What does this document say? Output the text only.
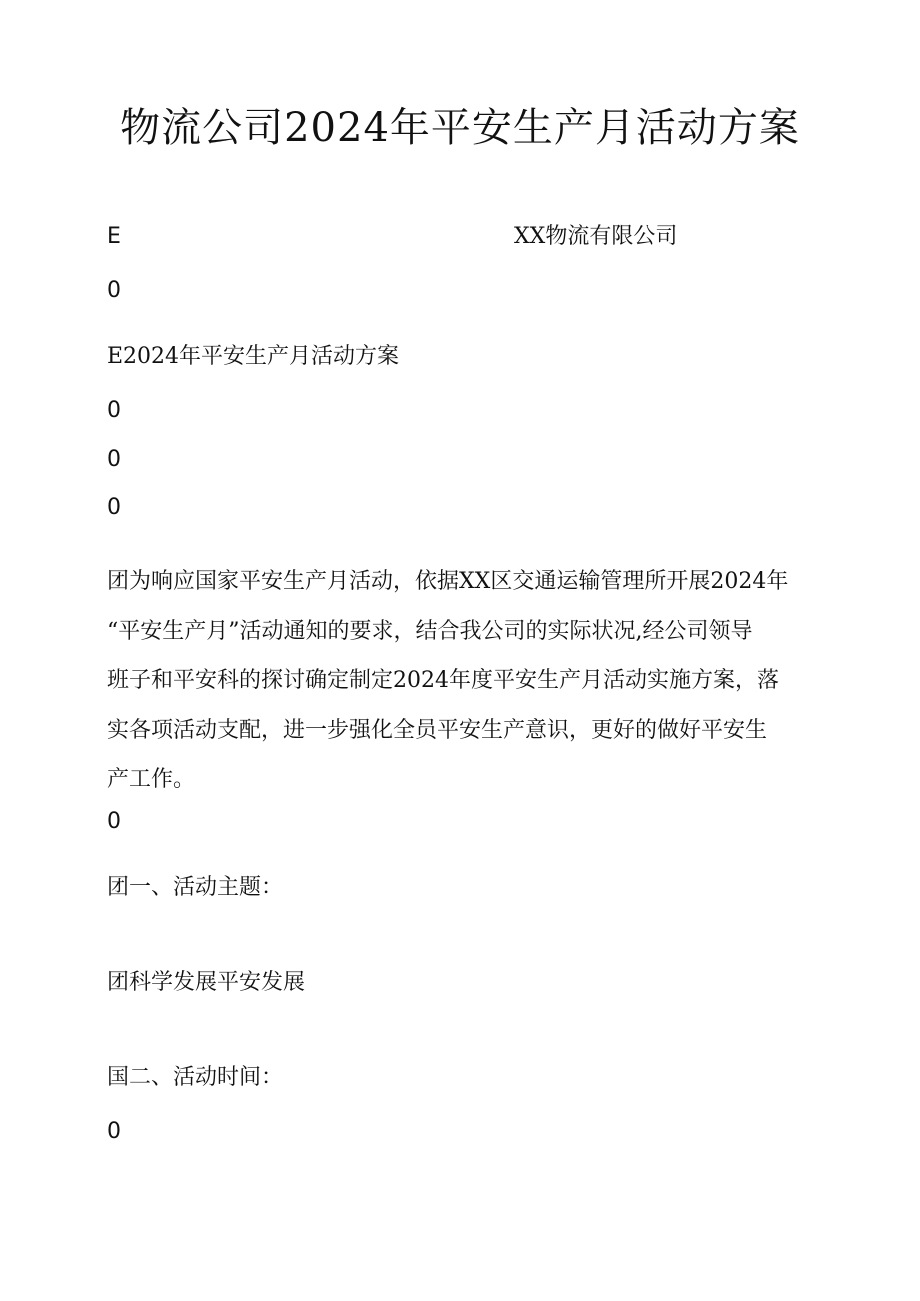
物流公司2024年平安生产月活动方案
E	XX物流有限公司
0
E2024年平安生产月活动方案
0
0
0
团为响应国家平安生产月活动，依据XX区交通运输管理所开展2024年
“平安生产月”活动通知的要求，结合我公司的实际状况,经公司领导
班子和平安科的探讨确定制定2024年度平安生产月活动实施方案，落
实各项活动支配，进一步强化全员平安生产意识，更好的做好平安生
产工作。
0
团一、活动主题：
团科学发展平安发展
国二、活动时间：
0
